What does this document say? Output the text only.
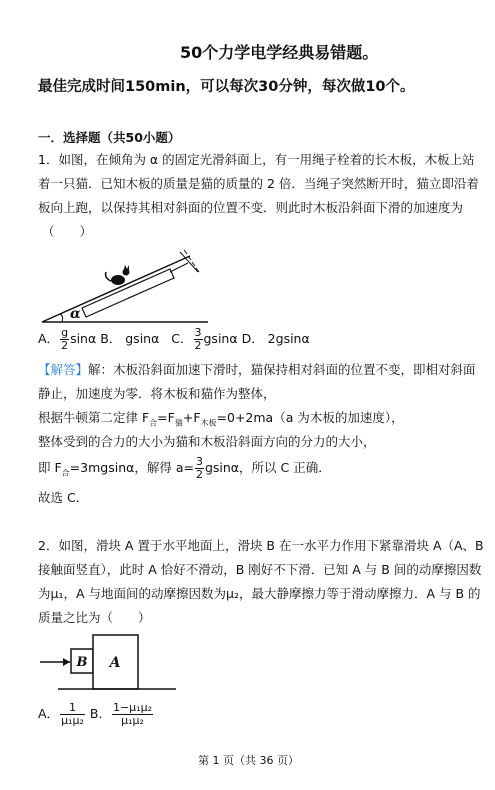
50个力学电学经典易错题。
最佳完成时间150min，可以每次30分钟，每次做10个。
一．选择题（共50小题）
1．如图，在倾角为 α 的固定光滑斜面上，有一用绳子栓着的长木板，木板上站
着一只猫．已知木板的质量是猫的质量的 2 倍．当绳子突然断开时，猫立即沿着
板向上跑，以保持其相对斜面的位置不变．则此时木板沿斜面下滑的加速度为
（　　）
α
A． $\frac{g}{2}$ sinα B． gsinα C． $\frac{3}{2}$ gsinα D． 2gsinα
【解答】解：木板沿斜面加速下滑时，猫保持相对斜面的位置不变，即相对斜面
静止，加速度为零．将木板和猫作为整体，
根据牛顿第二定律 $F_合=F_猫+F_{木板}=0+2ma(a$ 为木板的加速度），
整体受到的合力的大小为猫和木板沿斜面方向的分力的大小，
即 $F_合=3mgsin\alpha$，解得 $a= \frac{3}{2}$ gsinα，所以 C 正确．
故选 C．
2．如图，滑块 A 置于水平地面上，滑块 B 在一水平力作用下紧靠滑块 A（A、B
接触面竖直），此时 A 恰好不滑动，B 刚好不下滑．已知 A 与 B 间的动摩擦因数
为μ₁，A 与地面间的动摩擦因数为μ₂，最大静摩擦力等于滑动摩擦力．A 与 B 的
质量之比为（　　）
B A
A． $\frac{1}{\text{μ₁μ₂}}$ B． $\frac{\text{1−μ₁μ₂}}{\text{μ₁μ₂}}$
第 1 页（共 36 页）
